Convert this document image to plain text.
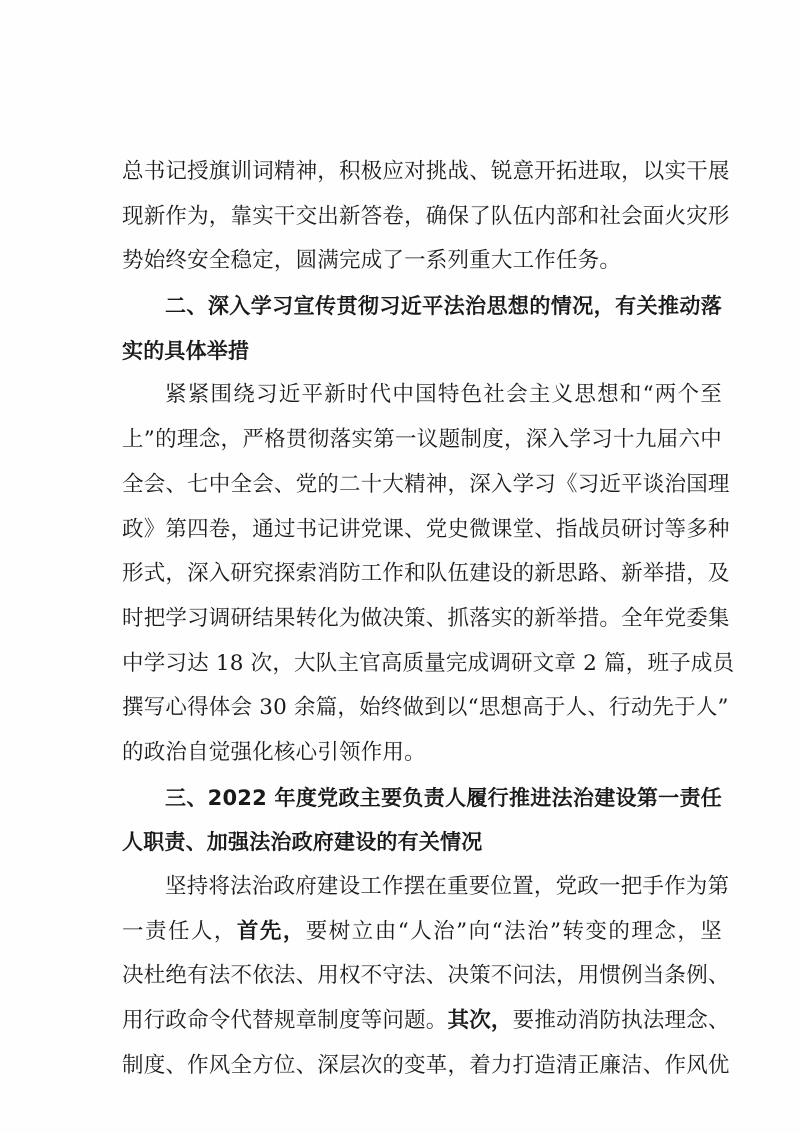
总书记授旗训词精神，积极应对挑战、锐意开拓进取，以实干展
现新作为，靠实干交出新答卷，确保了队伍内部和社会面火灾形
势始终安全稳定，圆满完成了一系列重大工作任务。
二、深入学习宣传贯彻习近平法治思想的情况，有关推动落
实的具体举措
紧紧围绕习近平新时代中国特色社会主义思想和“两个至
上”的理念，严格贯彻落实第一议题制度，深入学习十九届六中
全会、七中全会、党的二十大精神，深入学习《习近平谈治国理
政》第四卷，通过书记讲党课、党史微课堂、指战员研讨等多种
形式，深入研究探索消防工作和队伍建设的新思路、新举措，及
时把学习调研结果转化为做决策、抓落实的新举措。全年党委集
中学习达 18 次，大队主官高质量完成调研文章 2 篇，班子成员
撰写心得体会 30 余篇，始终做到以“思想高于人、行动先于人”
的政治自觉强化核心引领作用。
三、2022 年度党政主要负责人履行推进法治建设第一责任
人职责、加强法治政府建设的有关情况
坚持将法治政府建设工作摆在重要位置，党政一把手作为第
一责任人，首先，要树立由“人治”向“法治”转变的理念，坚
决杜绝有法不依法、用权不守法、决策不问法，用惯例当条例、
用行政命令代替规章制度等问题。其次，要推动消防执法理念、
制度、作风全方位、深层次的变革，着力打造清正廉洁、作风优
